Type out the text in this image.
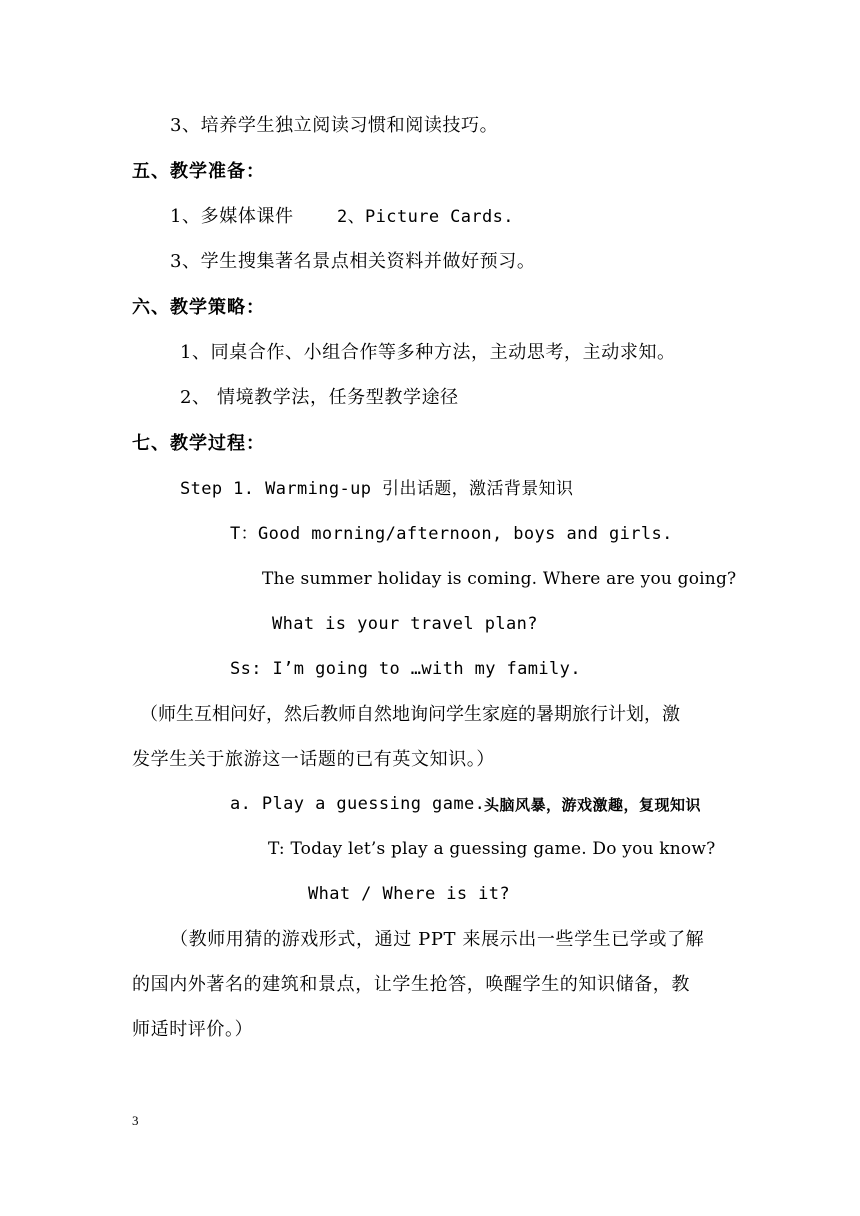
3、培养学生独立阅读习惯和阅读技巧。
五、教学准备：
1、多媒体课件	2、Picture Cards.
3、学生搜集著名景点相关资料并做好预习。
六、教学策略：
1、同桌合作、小组合作等多种方法，主动思考，主动求知。
2、 情境教学法，任务型教学途径
七、教学过程：
Step 1. Warming-up 引出话题，激活背景知识
T：Good morning/afternoon, boys and girls.
The summer holiday is coming. Where are you going?
What is your travel plan?
Ss: I’m going to …with my family.
（师生互相问好，然后教师自然地询问学生家庭的暑期旅行计划，激
发学生关于旅游这一话题的已有英文知识。）
a. Play a guessing game.
头脑风暴，游戏激趣，复现知识
T: Today let’s play a guessing game. Do you know?
What / Where is it?
（教师用猜的游戏形式，通过 PPT 来展示出一些学生已学或了解
的国内外著名的建筑和景点，让学生抢答，唤醒学生的知识储备，教
师适时评价。）
3
